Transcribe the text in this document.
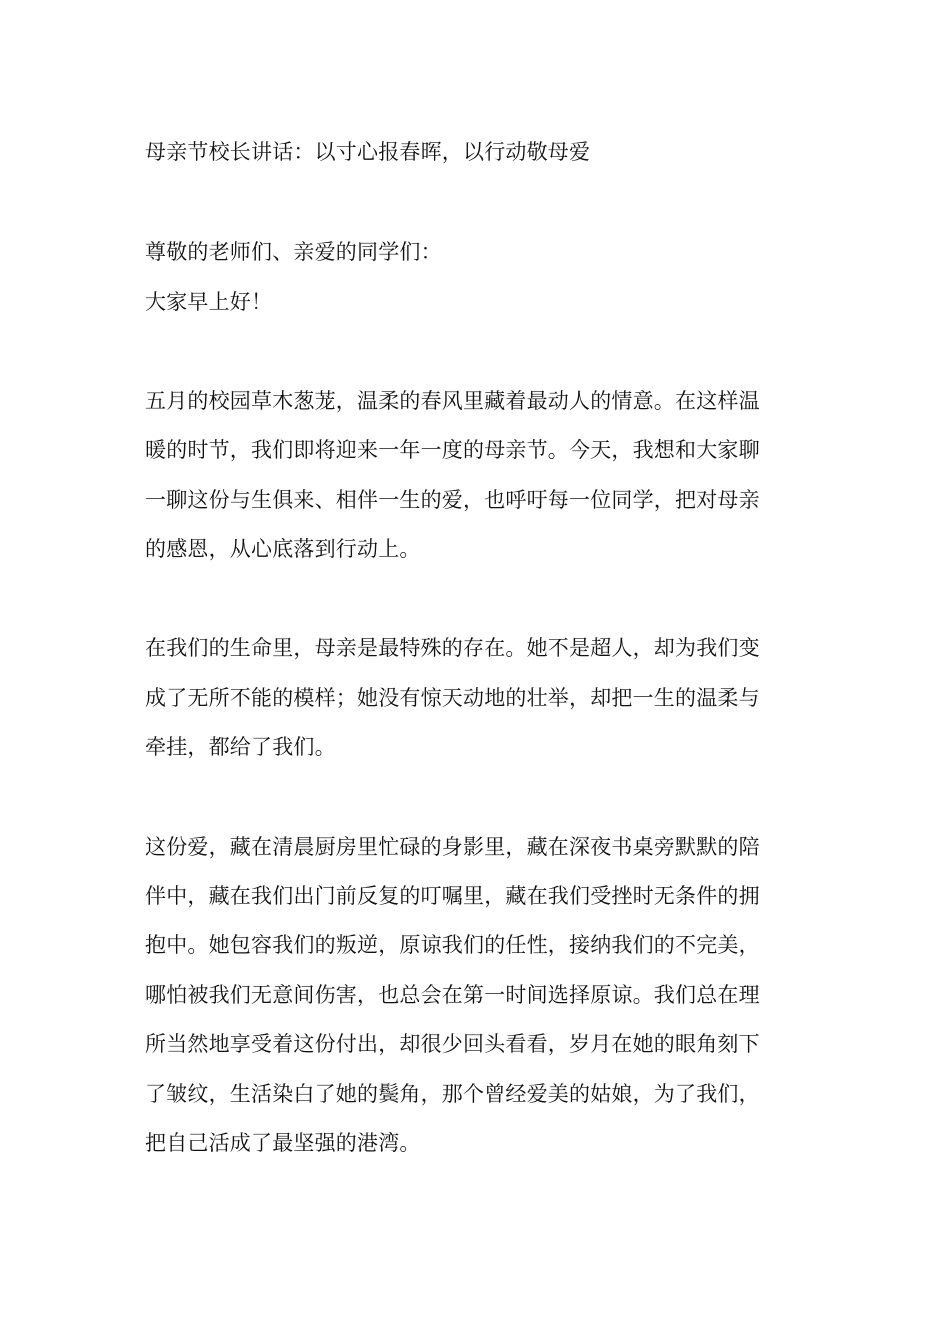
母亲节校长讲话：以寸心报春晖，以行动敬母爱
尊敬的老师们、亲爱的同学们：
大家早上好！
五月的校园草木葱茏，温柔的春风里藏着最动人的情意。在这样温
暖的时节，我们即将迎来一年一度的母亲节。今天，我想和大家聊
一聊这份与生俱来、相伴一生的爱，也呼吁每一位同学，把对母亲
的感恩，从心底落到行动上。
在我们的生命里，母亲是最特殊的存在。她不是超人，却为我们变
成了无所不能的模样；她没有惊天动地的壮举，却把一生的温柔与
牵挂，都给了我们。
这份爱，藏在清晨厨房里忙碌的身影里，藏在深夜书桌旁默默的陪
伴中，藏在我们出门前反复的叮嘱里，藏在我们受挫时无条件的拥
抱中。她包容我们的叛逆，原谅我们的任性，接纳我们的不完美，
哪怕被我们无意间伤害，也总会在第一时间选择原谅。我们总在理
所当然地享受着这份付出，却很少回头看看，岁月在她的眼角刻下
了皱纹，生活染白了她的鬓角，那个曾经爱美的姑娘，为了我们，
把自己活成了最坚强的港湾。
